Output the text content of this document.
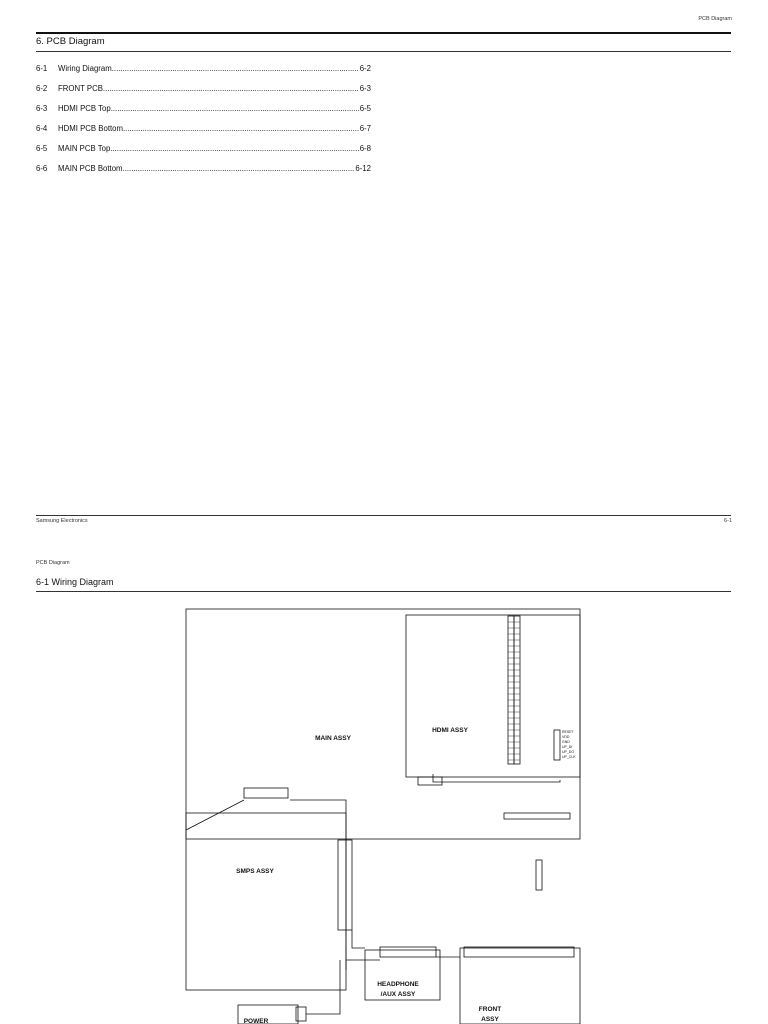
PCB Diagram
6. PCB Diagram
6-1	Wiring Diagram .....	6-2
6-2	FRONT PCB .....	6-3
6-3	HDMI PCB Top .....	6-5
6-4	HDMI PCB Bottom .....	6-7
6-5	MAIN PCB Top .....	6-8
6-6	MAIN PCB Bottom .....	6-12
Samsung Electronics	6-1
PCB Diagram
6-1 Wiring Diagram
MAIN ASSY
HDMI ASSY
SMPS ASSY
HEADPHONE
/AUX ASSY
FRONT
ASSY
POWER
RESET
VDD
GND
UP_DI
UP_DO
UP_CLK
